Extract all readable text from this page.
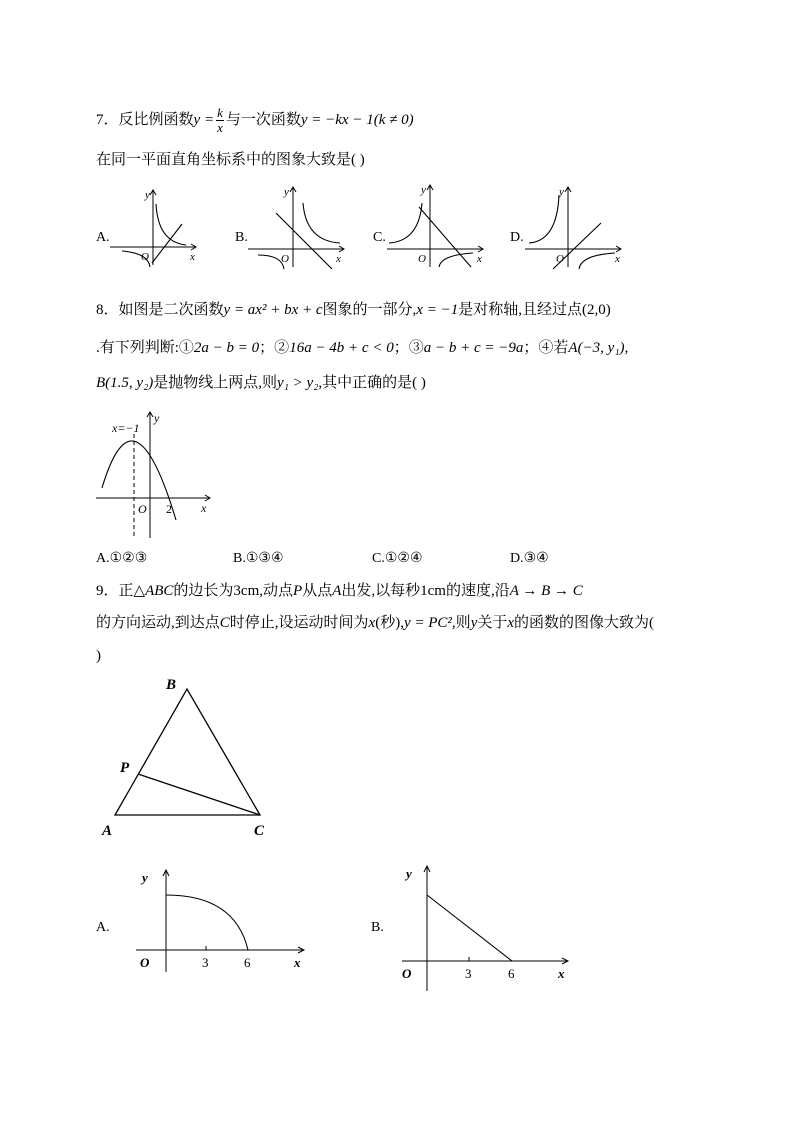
7．反比例函数$y = \frac{k}{x}$ 与一次函数y = −kx − 1(k ≠ 0)
在同一平面直角坐标系中的图象大致是( )
A.	B.	C.	D.
y
x
O
y
x
O
y
x
O
y
x
O
8．如图是二次函数y = ax² + bx + c图象的一部分,x = −1是对称轴,且经过点(2,0)
.有下列判断:①2a − b = 0；②16a − 4b + c < 0；③a − b + c = −9a；④若A(−3, y₁),
B(1.5, y₂)是抛物线上两点,则y₁ > y₂,其中正确的是( )
x=−1
y
x
O 2
A.①②③	B.①③④	C.①②④	D.③④
9．正△ABC的边长为3cm,动点P从点A出发,以每秒1cm的速度,沿A → B → C
的方向运动,到达点C时停止,设运动时间为x(秒),y = PC²,则y关于x的函数的图像大致为(
)
B
P
A	C
A.
y
x
O	3	6
B.
y
x
O	3	6
